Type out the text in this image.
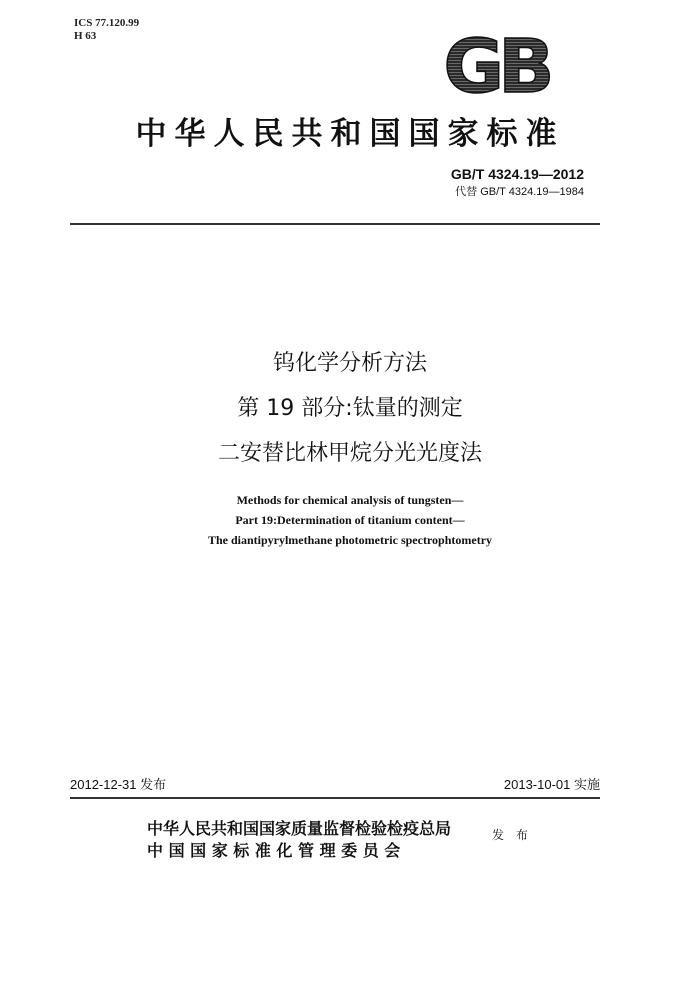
ICS 77.120.99
H 63	GB
中华人民共和国国家标准
GB/T 4324.19—2012
代替 GB/T 4324.19—1984
钨化学分析方法
第 19 部分:钛量的测定
二安替比林甲烷分光光度法
Methods for chemical analysis of tungsten—
Part 19:Determination of titanium content—
The diantipyrylmethane photometric spectrophtometry
2012-12-31 发布	2013-10-01 实施
中华人民共和国国家质量监督检验检疫总局
中 国 国 家 标 准 化 管 理 委 员 会
发 布
